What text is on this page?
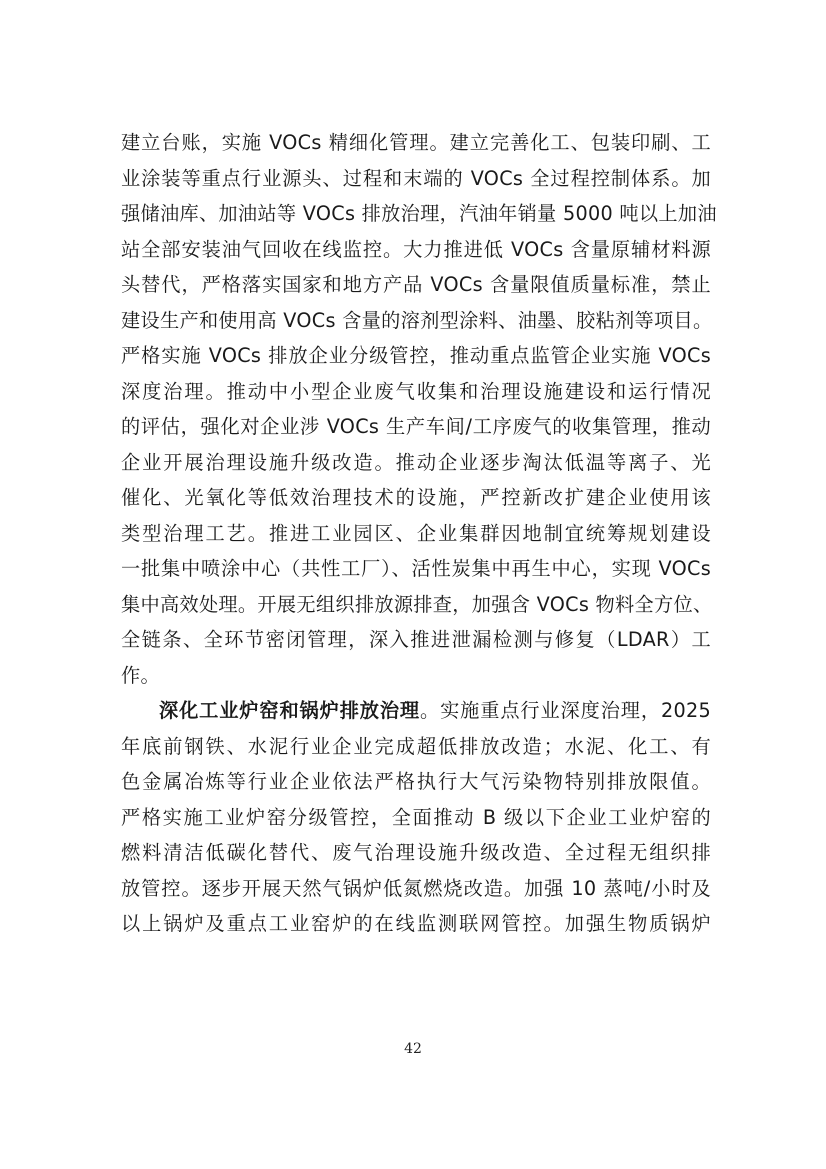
建立台账，实施 VOCs 精细化管理。建立完善化工、包装印刷、工
业涂装等重点行业源头、过程和末端的 VOCs 全过程控制体系。加
强储油库、加油站等 VOCs 排放治理，汽油年销量 5000 吨以上加油
站全部安装油气回收在线监控。大力推进低 VOCs 含量原辅材料源
头替代，严格落实国家和地方产品 VOCs 含量限值质量标准，禁止
建设生产和使用高 VOCs 含量的溶剂型涂料、油墨、胶粘剂等项目。
严格实施 VOCs 排放企业分级管控，推动重点监管企业实施 VOCs
深度治理。推动中小型企业废气收集和治理设施建设和运行情况
的评估，强化对企业涉 VOCs 生产车间/工序废气的收集管理，推动
企业开展治理设施升级改造。推动企业逐步淘汰低温等离子、光
催化、光氧化等低效治理技术的设施，严控新改扩建企业使用该
类型治理工艺。推进工业园区、企业集群因地制宜统筹规划建设
一批集中喷涂中心（共性工厂）、活性炭集中再生中心，实现 VOCs
集中高效处理。开展无组织排放源排查，加强含 VOCs 物料全方位、
全链条、全环节密闭管理，深入推进泄漏检测与修复（LDAR）工
作。
深化工业炉窑和锅炉排放治理。实施重点行业深度治理，2025
年底前钢铁、水泥行业企业完成超低排放改造；水泥、化工、有
色金属冶炼等行业企业依法严格执行大气污染物特别排放限值。
严格实施工业炉窑分级管控，全面推动 B 级以下企业工业炉窑的
燃料清洁低碳化替代、废气治理设施升级改造、全过程无组织排
放管控。逐步开展天然气锅炉低氮燃烧改造。加强 10 蒸吨/小时及
以上锅炉及重点工业窑炉的在线监测联网管控。加强生物质锅炉
42
